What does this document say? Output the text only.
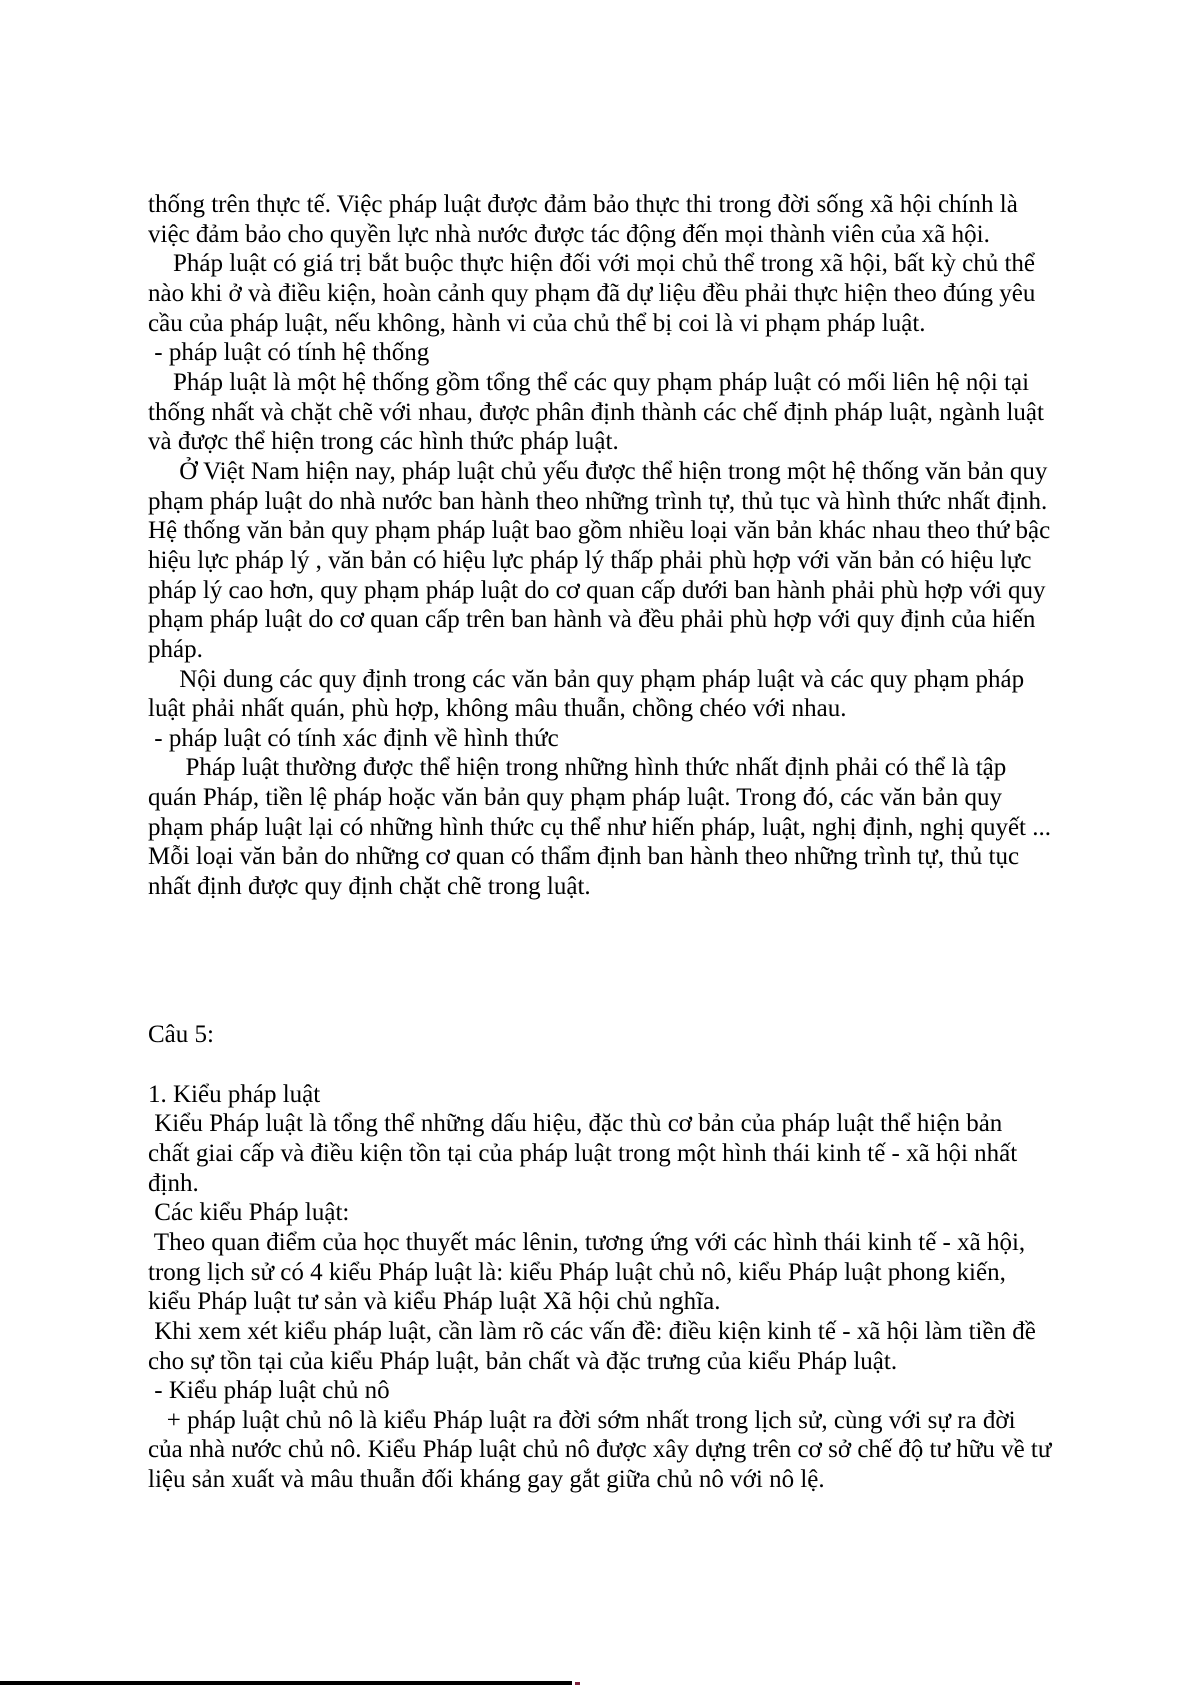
thống trên thực tế. Việc pháp luật được đảm bảo thực thi trong đời sống xã hội chính là
việc đảm bảo cho quyền lực nhà nước được tác động đến mọi thành viên của xã hội.
Pháp luật có giá trị bắt buộc thực hiện đối với mọi chủ thể trong xã hội, bất kỳ chủ thể
nào khi ở và điều kiện, hoàn cảnh quy phạm đã dự liệu đều phải thực hiện theo đúng yêu
cầu của pháp luật, nếu không, hành vi của chủ thể bị coi là vi phạm pháp luật.
- pháp luật có tính hệ thống
Pháp luật là một hệ thống gồm tổng thể các quy phạm pháp luật có mối liên hệ nội tại
thống nhất và chặt chẽ với nhau, được phân định thành các chế định pháp luật, ngành luật
và được thể hiện trong các hình thức pháp luật.
Ở Việt Nam hiện nay, pháp luật chủ yếu được thể hiện trong một hệ thống văn bản quy
phạm pháp luật do nhà nước ban hành theo những trình tự, thủ tục và hình thức nhất định.
Hệ thống văn bản quy phạm pháp luật bao gồm nhiều loại văn bản khác nhau theo thứ bậc
hiệu lực pháp lý , văn bản có hiệu lực pháp lý thấp phải phù hợp với văn bản có hiệu lực
pháp lý cao hơn, quy phạm pháp luật do cơ quan cấp dưới ban hành phải phù hợp với quy
phạm pháp luật do cơ quan cấp trên ban hành và đều phải phù hợp với quy định của hiến
pháp.
Nội dung các quy định trong các văn bản quy phạm pháp luật và các quy phạm pháp
luật phải nhất quán, phù hợp, không mâu thuẫn, chồng chéo với nhau.
- pháp luật có tính xác định về hình thức
Pháp luật thường được thể hiện trong những hình thức nhất định phải có thể là tập
quán Pháp, tiền lệ pháp hoặc văn bản quy phạm pháp luật. Trong đó, các văn bản quy
phạm pháp luật lại có những hình thức cụ thể như hiến pháp, luật, nghị định, nghị quyết ...
Mỗi loại văn bản do những cơ quan có thẩm định ban hành theo những trình tự, thủ tục
nhất định được quy định chặt chẽ trong luật.
Câu 5:
1. Kiểu pháp luật
Kiểu Pháp luật là tổng thể những dấu hiệu, đặc thù cơ bản của pháp luật thể hiện bản
chất giai cấp và điều kiện tồn tại của pháp luật trong một hình thái kinh tế - xã hội nhất
định.
Các kiểu Pháp luật:
Theo quan điểm của học thuyết mác lênin, tương ứng với các hình thái kinh tế - xã hội,
trong lịch sử có 4 kiểu Pháp luật là: kiểu Pháp luật chủ nô, kiểu Pháp luật phong kiến,
kiểu Pháp luật tư sản và kiểu Pháp luật Xã hội chủ nghĩa.
Khi xem xét kiểu pháp luật, cần làm rõ các vấn đề: điều kiện kinh tế - xã hội làm tiền đề
cho sự tồn tại của kiểu Pháp luật, bản chất và đặc trưng của kiểu Pháp luật.
- Kiểu pháp luật chủ nô
+ pháp luật chủ nô là kiểu Pháp luật ra đời sớm nhất trong lịch sử, cùng với sự ra đời
của nhà nước chủ nô. Kiểu Pháp luật chủ nô được xây dựng trên cơ sở chế độ tư hữu về tư
liệu sản xuất và mâu thuẫn đối kháng gay gắt giữa chủ nô với nô lệ.
